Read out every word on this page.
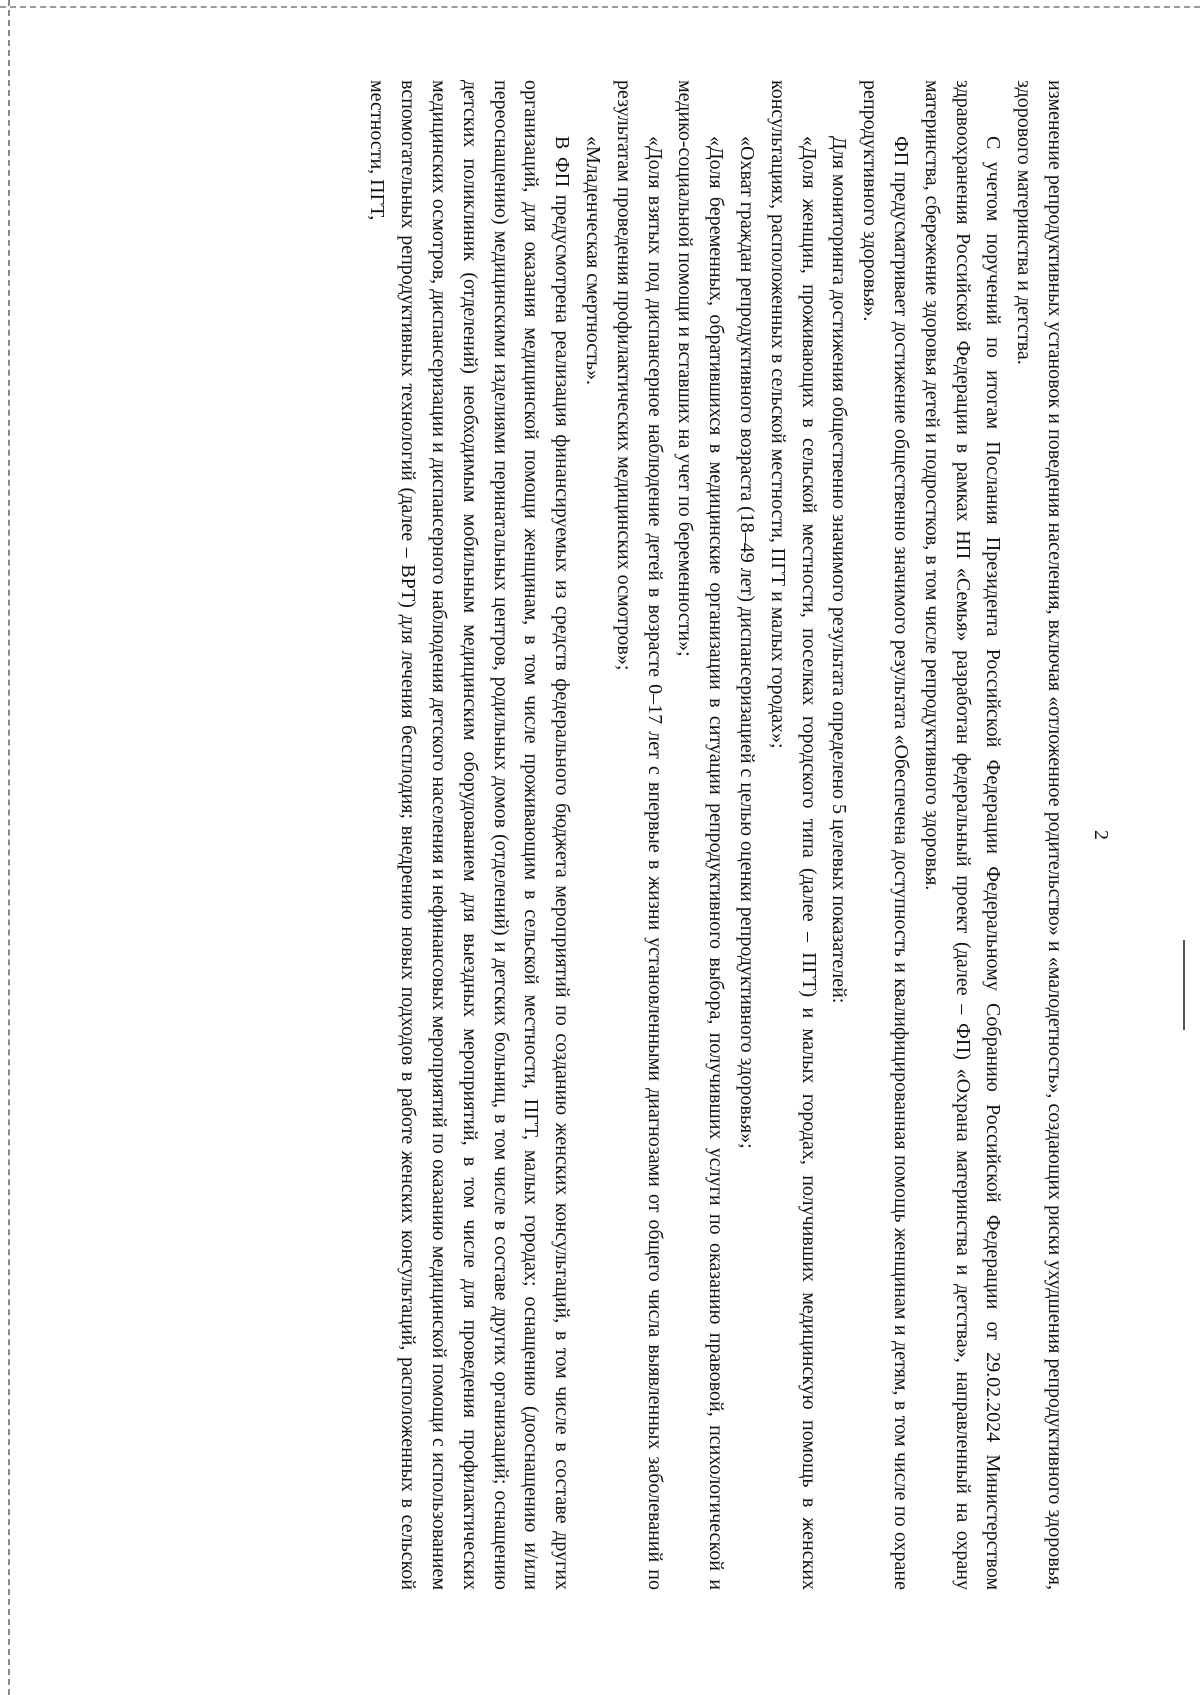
2

изменение репродуктивных установок и поведения населения, включая «отложенное родительство» и «малодетность», создающих риски ухудшения репродуктивного здоровья, здорового материнства и детства.

С учетом поручений по итогам Послания Президента Российской Федерации Федеральному Собранию Российской Федерации от 29.02.2024 Министерством здравоохранения Российской Федерации в рамках НП «Семья» разработан федеральный проект (далее – ФП) «Охрана материнства и детства», направленный на охрану материнства, сбережение здоровья детей и подростков, в том числе репродуктивного здоровья.

ФП предусматривает достижение общественно значимого результата «Обеспечена доступность и квалифицированная помощь женщинам и детям, в том числе по охране репродуктивного здоровья».

Для мониторинга достижения общественно значимого результата определено 5 целевых показателей:

«Доля женщин, проживающих в сельской местности, поселках городского типа (далее – ПГТ) и малых городах, получивших медицинскую помощь в женских консультациях, расположенных в сельской местности, ПГТ и малых городах»;

«Охват граждан репродуктивного возраста (18–49 лет) диспансеризацией с целью оценки репродуктивного здоровья»;

«Доля беременных, обратившихся в медицинские организации в ситуации репродуктивного выбора, получивших услуги по оказанию правовой, психологической и медико-социальной помощи и вставших на учет по беременности»;

«Доля взятых под диспансерное наблюдение детей в возрасте 0–17 лет с впервые в жизни установленными диагнозами от общего числа выявленных заболеваний по результатам проведения профилактических медицинских осмотров»;

«Младенческая смертность».

В ФП предусмотрена реализация финансируемых из средств федерального бюджета мероприятий по созданию женских консультаций, в том числе в составе других организаций, для оказания медицинской помощи женщинам, в том числе проживающим в сельской местности, ПГТ, малых городах; оснащению (дооснащению и/или переоснащению) медицинскими изделиями перинатальных центров, родильных домов (отделений) и детских больниц, в том числе в составе других организаций; оснащению детских поликлиник (отделений) необходимым мобильным медицинским оборудованием для выездных мероприятий, в том числе для проведения профилактических медицинских осмотров, диспансеризации и диспансерного наблюдения детского населения и нефинансовых мероприятий по оказанию медицинской помощи с использованием вспомогательных репродуктивных технологий (далее – ВРТ) для лечения бесплодия; внедрению новых подходов в работе женских консультаций, расположенных в сельской местности, ПГТ,
